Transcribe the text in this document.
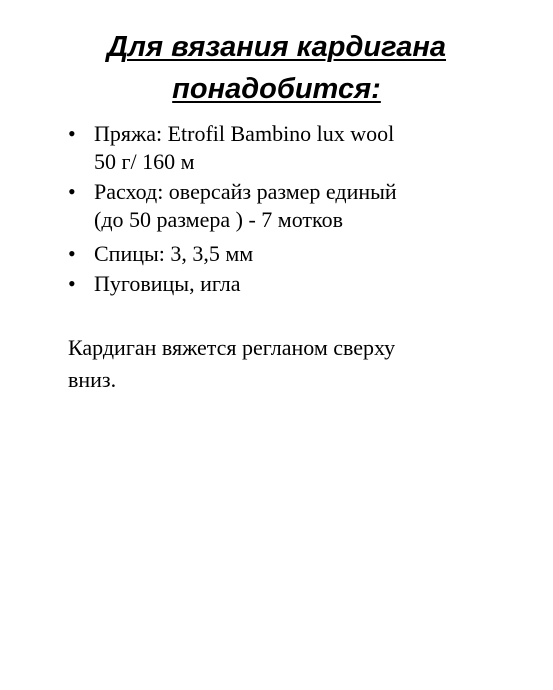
Для вязания кардигана
понадобится:
• Пряжа: Etrofil Bambino lux wool
50 г/ 160 м
• Расход: оверсайз размер единый
(до 50 размера ) - 7 мотков
• Спицы: 3, 3,5 мм
• Пуговицы, игла
Кардиган вяжется регланом сверху
вниз.
